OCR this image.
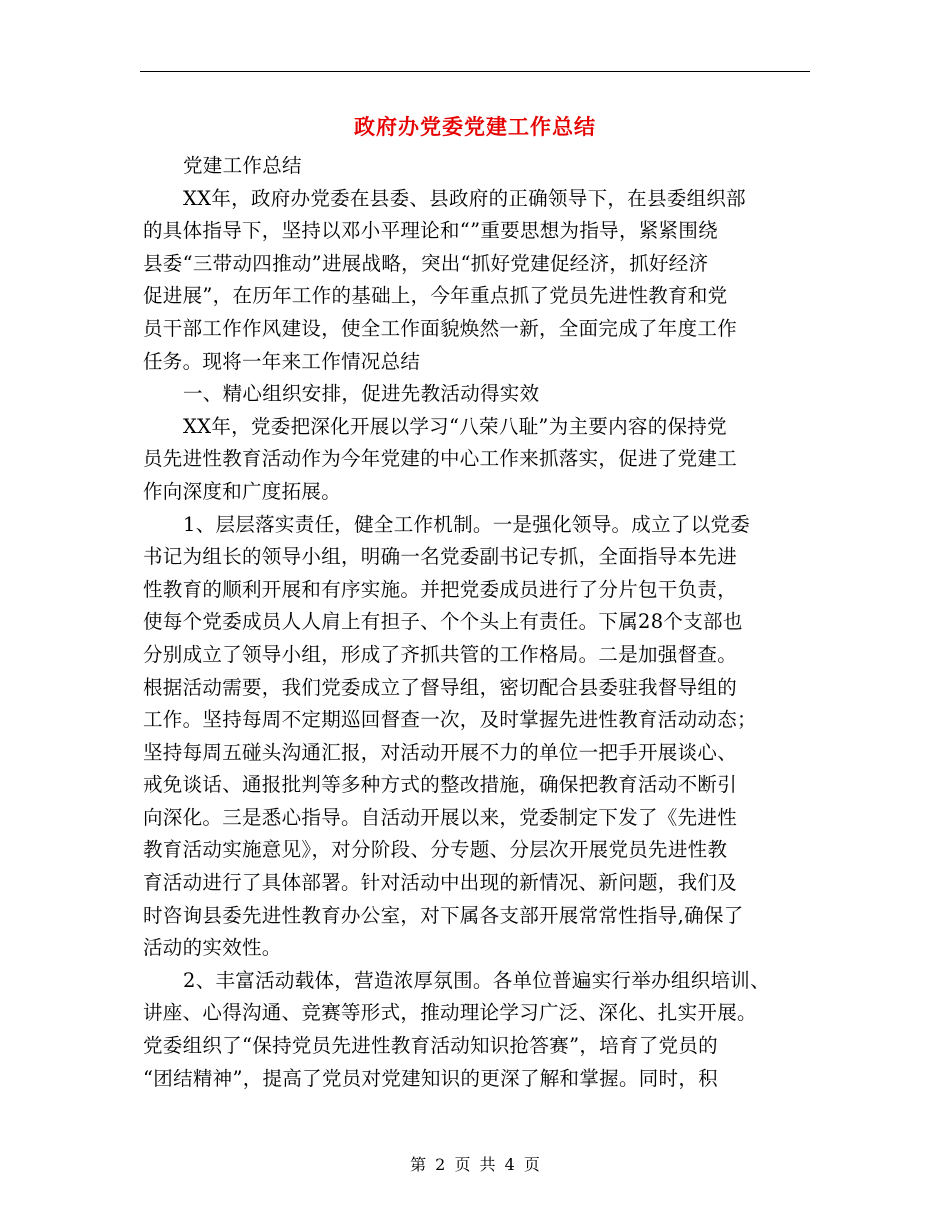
政府办党委党建工作总结
党建工作总结
XX年，政府办党委在县委、县政府的正确领导下，在县委组织部
的具体指导下，坚持以邓小平理论和“”重要思想为指导，紧紧围绕
县委“三带动四推动”进展战略，突出“抓好党建促经济，抓好经济
促进展”，在历年工作的基础上，今年重点抓了党员先进性教育和党
员干部工作作风建设，使全工作面貌焕然一新，全面完成了年度工作
任务。现将一年来工作情况总结
一、精心组织安排，促进先教活动得实效
XX年，党委把深化开展以学习“八荣八耻”为主要内容的保持党
员先进性教育活动作为今年党建的中心工作来抓落实，促进了党建工
作向深度和广度拓展。
1、层层落实责任，健全工作机制。一是强化领导。成立了以党委
书记为组长的领导小组，明确一名党委副书记专抓，全面指导本先进
性教育的顺利开展和有序实施。并把党委成员进行了分片包干负责，
使每个党委成员人人肩上有担子、个个头上有责任。下属28个支部也
分别成立了领导小组，形成了齐抓共管的工作格局。二是加强督查。
根据活动需要，我们党委成立了督导组，密切配合县委驻我督导组的
工作。坚持每周不定期巡回督查一次，及时掌握先进性教育活动动态；
坚持每周五碰头沟通汇报，对活动开展不力的单位一把手开展谈心、
戒免谈话、通报批判等多种方式的整改措施，确保把教育活动不断引
向深化。三是悉心指导。自活动开展以来，党委制定下发了《先进性
教育活动实施意见》，对分阶段、分专题、分层次开展党员先进性教
育活动进行了具体部署。针对活动中出现的新情况、新问题，我们及
时咨询县委先进性教育办公室，对下属各支部开展常常性指导,确保了
活动的实效性。
2、丰富活动载体，营造浓厚氛围。各单位普遍实行举办组织培训、
讲座、心得沟通、竞赛等形式，推动理论学习广泛、深化、扎实开展。
党委组织了“保持党员先进性教育活动知识抢答赛”，培育了党员的
“团结精神”，提高了党员对党建知识的更深了解和掌握。同时，积
第 2 页 共 4 页
